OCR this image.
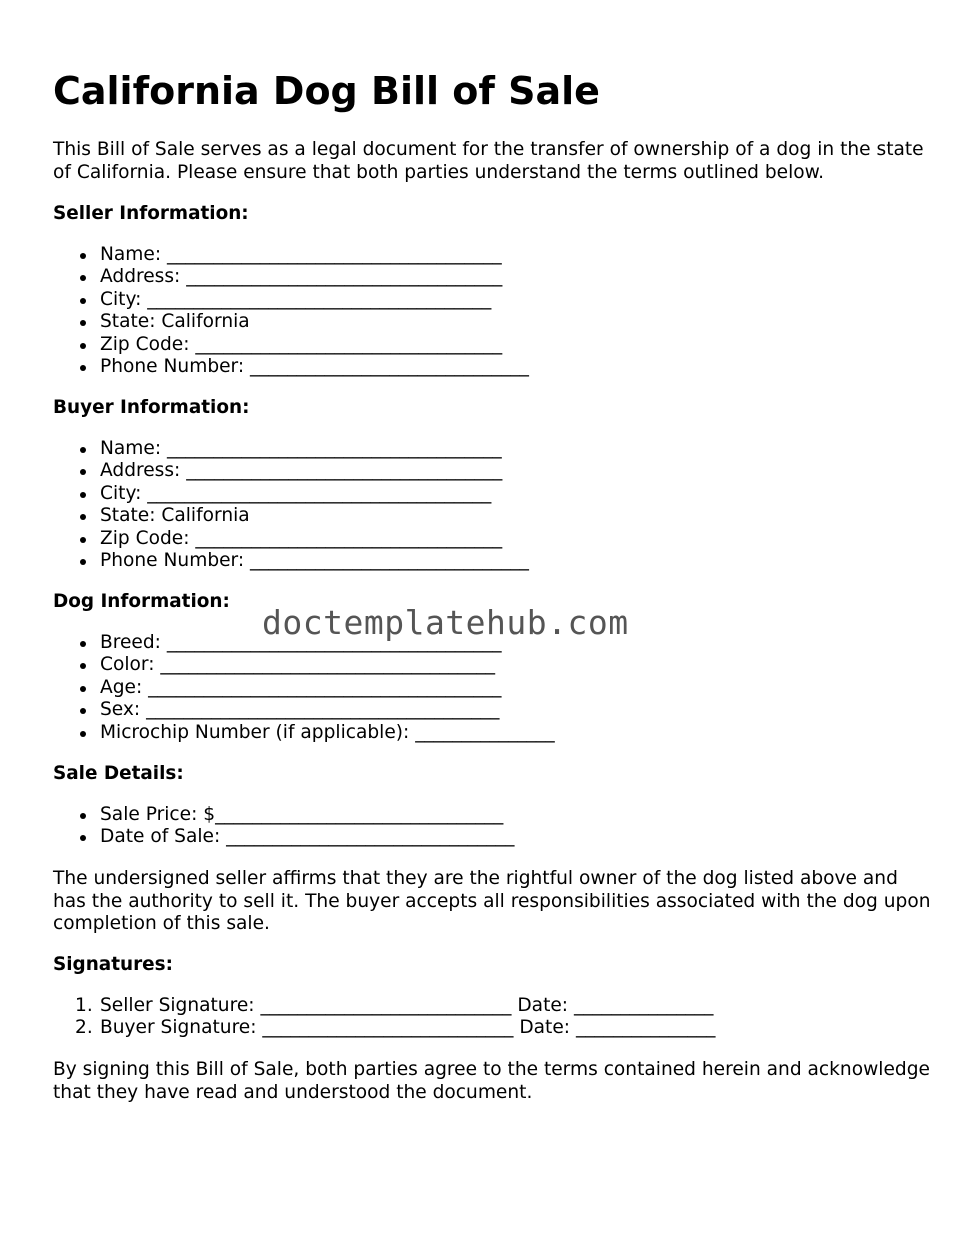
California Dog Bill of Sale

This Bill of Sale serves as a legal document for the transfer of ownership of a dog in the state of California. Please ensure that both parties understand the terms outlined below.

Seller Information:

Name: ____________________________________
Address: __________________________________
City: _____________________________________
State: California
Zip Code: _________________________________
Phone Number: ______________________________

Buyer Information:

Name: ____________________________________
Address: __________________________________
City: _____________________________________
State: California
Zip Code: _________________________________
Phone Number: ______________________________

Dog Information:

Breed: ____________________________________
Color: ____________________________________
Age: ______________________________________
Sex: ______________________________________
Microchip Number (if applicable): _______________

Sale Details:

Sale Price: $_______________________________
Date of Sale: _______________________________

The undersigned seller affirms that they are the rightful owner of the dog listed above and has the authority to sell it. The buyer accepts all responsibilities associated with the dog upon completion of this sale.

Signatures:

1. Seller Signature: ___________________________ Date: _______________
2. Buyer Signature: ___________________________ Date: _______________

By signing this Bill of Sale, both parties agree to the terms contained herein and acknowledge that they have read and understood the document.

doctemplatehub.com
